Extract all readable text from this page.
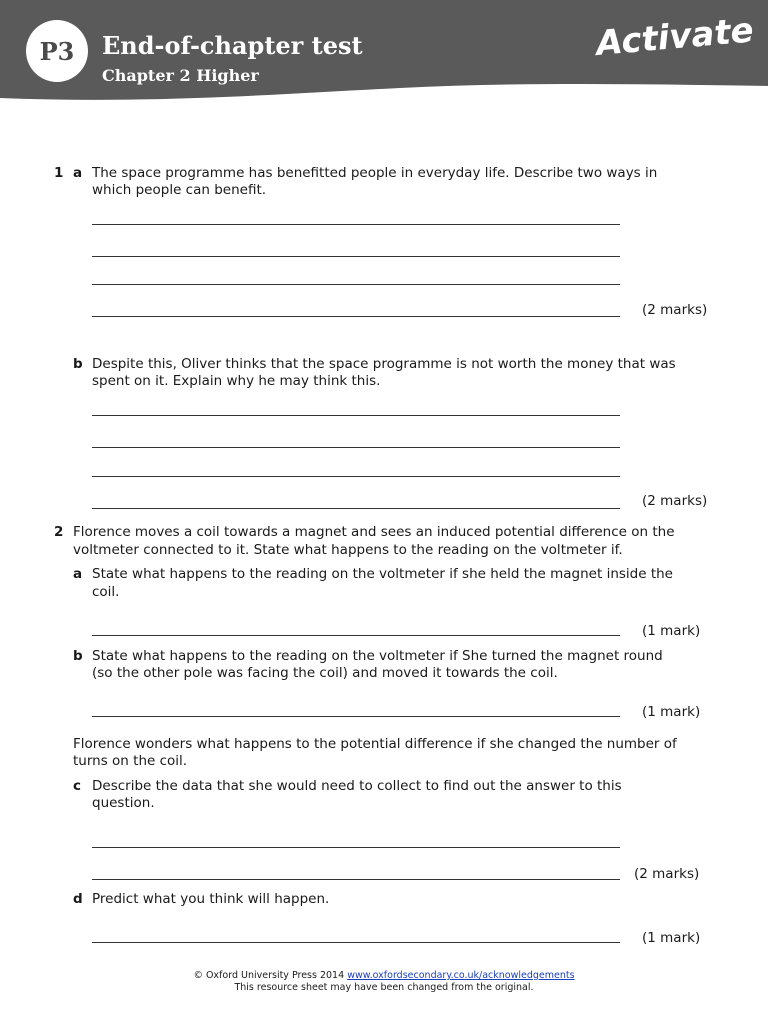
P3	End-of-chapter test
Chapter 2 Higher
Activate
1 a The space programme has benefitted people in everyday life. Describe two ways in
which people can benefit.
(2 marks)
b Despite this, Oliver thinks that the space programme is not worth the money that was
spent on it. Explain why he may think this.
(2 marks)
2 Florence moves a coil towards a magnet and sees an induced potential difference on the
voltmeter connected to it. State what happens to the reading on the voltmeter if.
a State what happens to the reading on the voltmeter if she held the magnet inside the
coil.
(1 mark)
b State what happens to the reading on the voltmeter if She turned the magnet round
(so the other pole was facing the coil) and moved it towards the coil.
(1 mark)
Florence wonders what happens to the potential difference if she changed the number of
turns on the coil.
c Describe the data that she would need to collect to find out the answer to this
question.
(2 marks)
d Predict what you think will happen.
(1 mark)
© Oxford University Press 2014 www.oxfordsecondary.co.uk/acknowledgements
This resource sheet may have been changed from the original.
